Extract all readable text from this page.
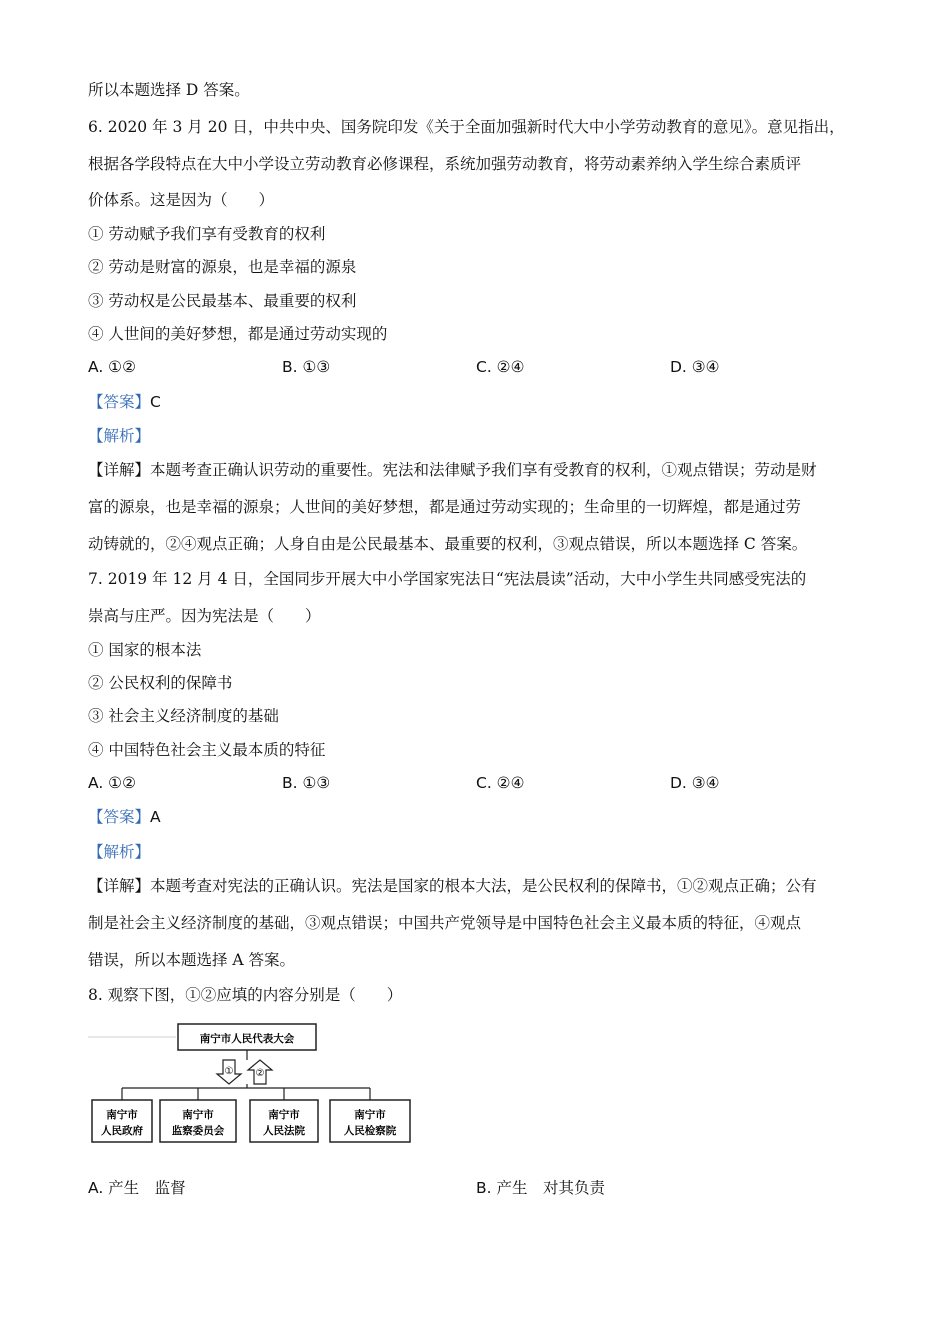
所以本题选择 D 答案。
6. 2020 年 3 月 20 日，中共中央、国务院印发《关于全面加强新时代大中小学劳动教育的意见》。意见指出，
根据各学段特点在大中小学设立劳动教育必修课程，系统加强劳动教育，将劳动素养纳入学生综合素质评
价体系。这是因为（　　）
① 劳动赋予我们享有受教育的权利
② 劳动是财富的源泉，也是幸福的源泉
③ 劳动权是公民最基本、最重要的权利
④ 人世间的美好梦想，都是通过劳动实现的
A. ①②	B. ①③	C. ②④	D. ③④
【答案】C
【解析】
【详解】本题考查正确认识劳动的重要性。宪法和法律赋予我们享有受教育的权利，①观点错误；劳动是财
富的源泉，也是幸福的源泉；人世间的美好梦想，都是通过劳动实现的；生命里的一切辉煌，都是通过劳
动铸就的，②④观点正确；人身自由是公民最基本、最重要的权利，③观点错误，所以本题选择 C 答案。
7. 2019 年 12 月 4 日，全国同步开展大中小学国家宪法日“宪法晨读”活动，大中小学生共同感受宪法的
崇高与庄严。因为宪法是（　　）
① 国家的根本法
② 公民权利的保障书
③ 社会主义经济制度的基础
④ 中国特色社会主义最本质的特征
A. ①②	B. ①③	C. ②④	D. ③④
【答案】A
【解析】
【详解】本题考查对宪法的正确认识。宪法是国家的根本大法，是公民权利的保障书，①②观点正确；公有
制是社会主义经济制度的基础，③观点错误；中国共产党领导是中国特色社会主义最本质的特征，④观点
错误，所以本题选择 A 答案。
8. 观察下图，①②应填的内容分别是（　　）
南宁市人民代表大会
① ②
南宁市
人民政府
南宁市
监察委员会
南宁市
人民法院
南宁市
人民检察院
A. 产生　监督	B. 产生　对其负责
